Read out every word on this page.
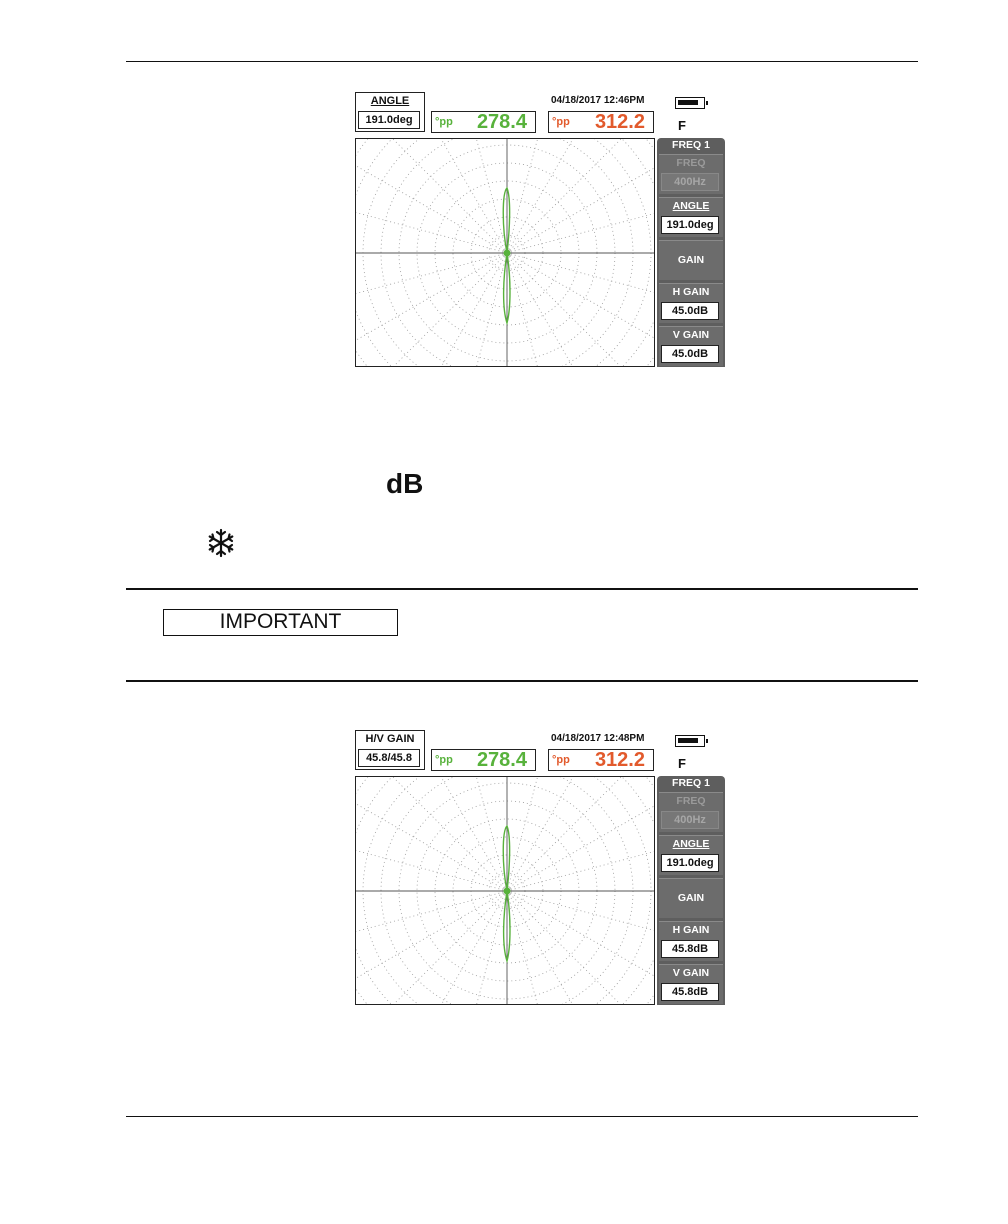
ANGLE
191.0deg
04/18/2017 12:46PM
F
°pp 278.4 °pp 312.2
FREQ 1
FREQ
400Hz
ANGLE
191.0deg
GAIN
H GAIN
45.0dB
V GAIN
45.0dB
dB
IMPORTANT
H/V GAIN
45.8/45.8
04/18/2017 12:48PM
F
°pp 278.4 °pp 312.2
FREQ 1
FREQ
400Hz
ANGLE
191.0deg
GAIN
H GAIN
45.8dB
V GAIN
45.8dB
